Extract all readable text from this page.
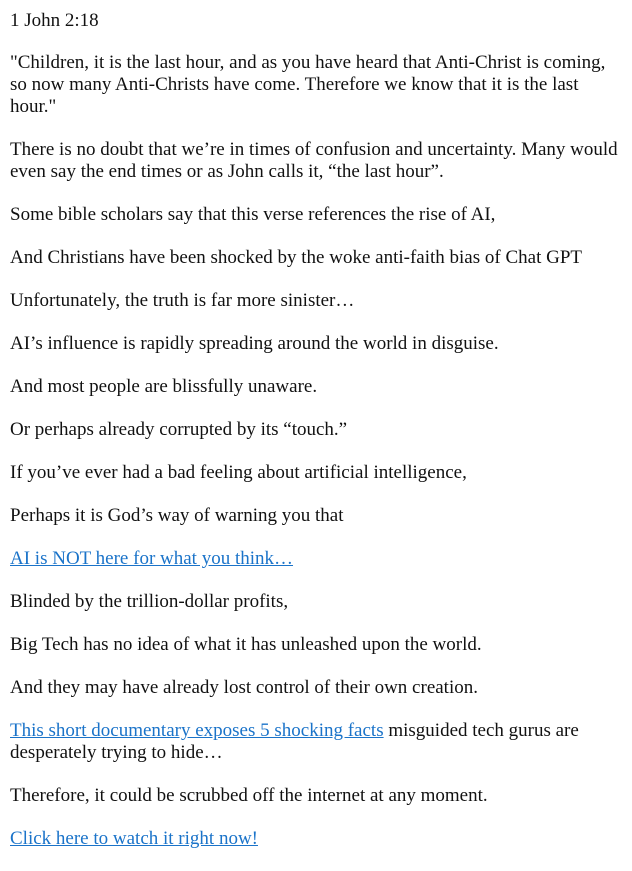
1 John 2:18

"Children, it is the last hour, and as you have heard that Anti-Christ is coming, so now many Anti-Christs have come. Therefore we know that it is the last hour."

There is no doubt that we’re in times of confusion and uncertainty. Many would even say the end times or as John calls it, “the last hour”.

Some bible scholars say that this verse references the rise of AI,

And Christians have been shocked by the woke anti-faith bias of Chat GPT

Unfortunately, the truth is far more sinister…

AI’s influence is rapidly spreading around the world in disguise.

And most people are blissfully unaware.

Or perhaps already corrupted by its “touch.”

If you’ve ever had a bad feeling about artificial intelligence,

Perhaps it is God’s way of warning you that

AI is NOT here for what you think…

Blinded by the trillion-dollar profits,

Big Tech has no idea of what it has unleashed upon the world.

And they may have already lost control of their own creation.

This short documentary exposes 5 shocking facts misguided tech gurus are desperately trying to hide…

Therefore, it could be scrubbed off the internet at any moment.

Click here to watch it right now!
